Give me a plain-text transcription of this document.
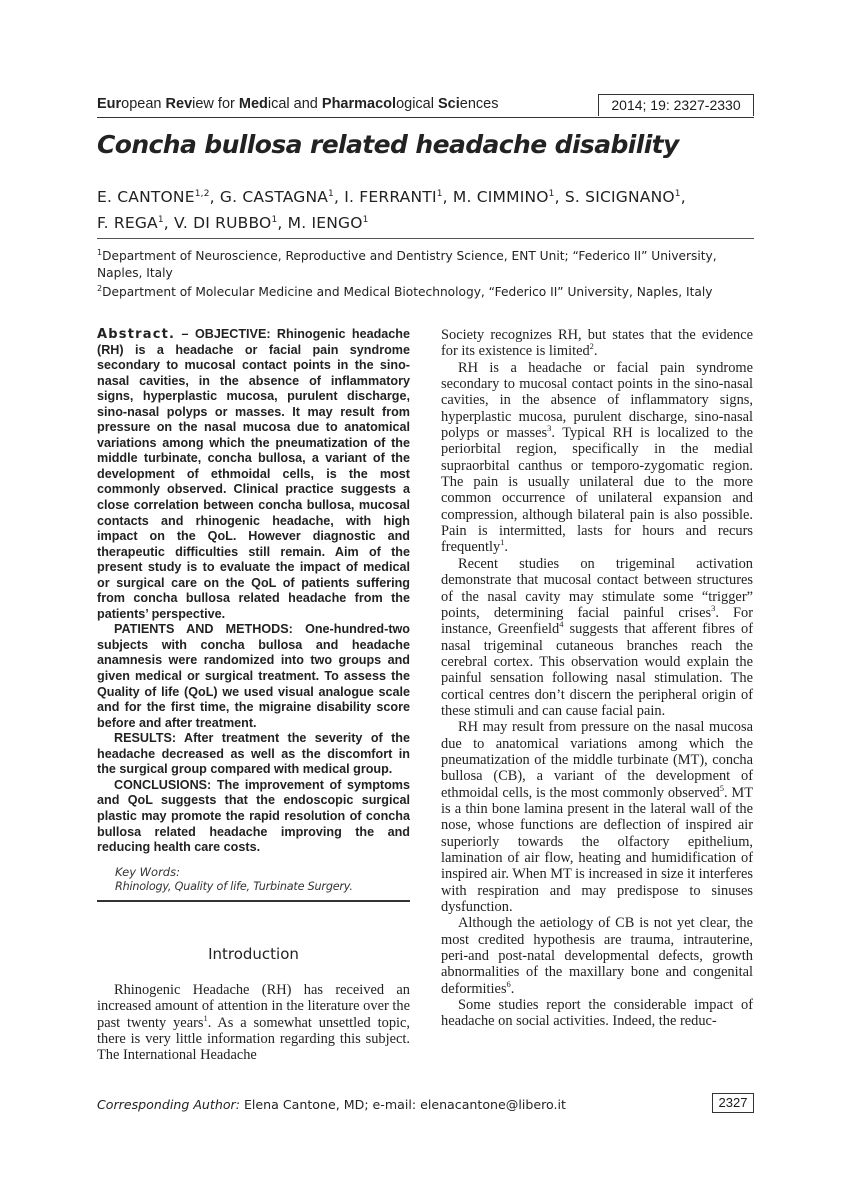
European Review for Medical and Pharmacological Sciences	2014; 19: 2327-2330
Concha bullosa related headache disability
E. CANTONE$^{1,2}$, G. CASTAGNA$^1$, I. FERRANTI$^1$, M. CIMMINO$^1$, S. SICIGNANO$^1$,
F. REGA$^1$, V. DI RUBBO$^1$, M. IENGO$^1$
$^1$Department of Neuroscience, Reproductive and Dentistry Science, ENT Unit; “Federico II” University, Naples, Italy
$^2$Department of Molecular Medicine and Medical Biotechnology, “Federico II” University, Naples, Italy

Abstract. – OBJECTIVE: Rhinogenic headache (RH) is a headache or facial pain syndrome secondary to mucosal contact points in the sino-nasal cavities, in the absence of inflammatory signs, hyperplastic mucosa, purulent discharge, sino-nasal polyps or masses. It may result from pressure on the nasal mucosa due to anatomical variations among which the pneumatization of the middle turbinate, concha bullosa, a variant of the development of ethmoidal cells, is the most commonly observed. Clinical practice suggests a close correlation between concha bullosa, mucosal contacts and rhinogenic headache, with high impact on the QoL. However diagnostic and therapeutic difficulties still remain. Aim of the present study is to evaluate the impact of medical or surgical care on the QoL of patients suffering from concha bullosa related headache from the patients’ perspective.

PATIENTS AND METHODS: One-hundred-two subjects with concha bullosa and headache anamnesis were randomized into two groups and given medical or surgical treatment. To assess the Quality of life (QoL) we used visual analogue scale and for the first time, the migraine disability score before and after treatment.

RESULTS: After treatment the severity of the headache decreased as well as the discomfort in the surgical group compared with medical group.

CONCLUSIONS: The improvement of symptoms and QoL suggests that the endoscopic surgical plastic may promote the rapid resolution of concha bullosa related headache improving the and reducing health care costs.

Key Words:
Rhinology, Quality of life, Turbinate Surgery.
Introduction

Rhinogenic Headache (RH) has received an increased amount of attention in the literature over the past twenty years$^1$. As a somewhat unsettled topic, there is very little information regarding this subject. The International Headache

Society recognizes RH, but states that the evidence for its existence is limited$^2$.

RH is a headache or facial pain syndrome secondary to mucosal contact points in the sino-nasal cavities, in the absence of inflammatory signs, hyperplastic mucosa, purulent discharge, sino-nasal polyps or masses$^3$. Typical RH is localized to the periorbital region, specifically in the medial supraorbital canthus or temporo-zygomatic region. The pain is usually unilateral due to the more common occurrence of unilateral expansion and compression, although bilateral pain is also possible. Pain is intermitted, lasts for hours and recurs frequently$^1$.

Recent studies on trigeminal activation demonstrate that mucosal contact between structures of the nasal cavity may stimulate some “trigger” points, determining facial painful crises$^3$. For instance, Greenfield$^4$ suggests that afferent fibres of nasal trigeminal cutaneous branches reach the cerebral cortex. This observation would explain the painful sensation following nasal stimulation. The cortical centres don’t discern the peripheral origin of these stimuli and can cause facial pain.

RH may result from pressure on the nasal mucosa due to anatomical variations among which the pneumatization of the middle turbinate (MT), concha bullosa (CB), a variant of the development of ethmoidal cells, is the most commonly observed$^5$. MT is a thin bone lamina present in the lateral wall of the nose, whose functions are deflection of inspired air superiorly towards the olfactory epithelium, lamination of air flow, heating and humidification of inspired air. When MT is increased in size it interferes with respiration and may predispose to sinuses dysfunction.

Although the aetiology of CB is not yet clear, the most credited hypothesis are trauma, intrauterine, peri-and post-natal developmental defects, growth abnormalities of the maxillary bone and congenital deformities$^6$.

Some studies report the considerable impact of headache on social activities. Indeed, the reduc-

Corresponding Author: Elena Cantone, MD; e-mail: elenacantone@libero.it	2327
